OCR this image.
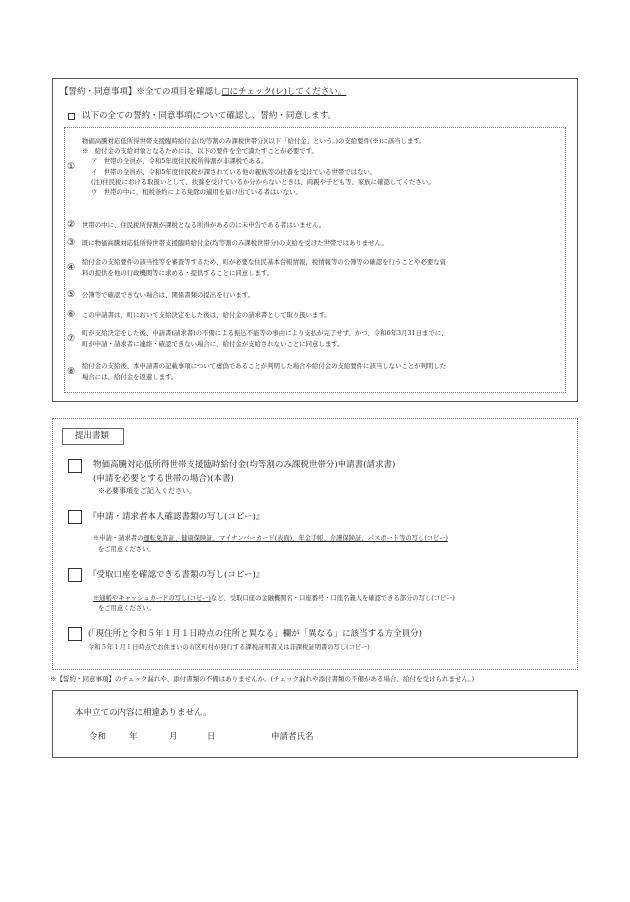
【誓約・同意事項】※全ての項目を確認し□にチェック(レ)してください。
以下の全ての誓約・同意事項について確認し、誓約・同意します。
①
物価高騰対応低所得世帯支援臨時給付金(均等割のみ課税世帯分)(以下「給付金」という。)の支給要件(※)に該当します。
※　給付金の支給対象となるためには、以下の要件を全て満たすことが必要です。
ア　世帯の全員が、令和5年度住民税所得割が非課税である。
イ　世帯の全員が、令和5年度住民税が課されている他の親族等の扶養を受けている世帯ではない。
(注)住民税における取扱いとして、扶養を受けているか分からないときは、両親や子ども等、家族に確認してください。
ウ　世帯の中に、租税条約による免除の適用を届け出ている者はいない。
② 世帯の中に、住民税所得割が課税となる所得があるのに未申告である者はいません。
③ 既に物価高騰対応低所得世帯支援臨時給付金(均等割のみ課税世帯分)の支給を受けた世帯ではありません。
④
給付金の支給要件の該当性等を審査等するため、町が必要な住民基本台帳情報、税情報等の公簿等の確認を行うことや必要な資
料の提供を他の行政機関等に求める・提供することに同意します。
⑤ 公簿等で確認できない場合は、関係書類の提出を行います。
⑥ この申請書は、町において支給決定をした後は、給付金の請求書として取り扱います。
⑦
町が支給決定をした後、申請書(請求書)の不備による振込不能等の事由により支払が完了せず、かつ、令和6年3月31日までに、
町が申請・請求者に連絡・確認できない場合に、給付金が支給されないことに同意します。
⑧
給付金の支給後、本申請書の記載事項について虚偽であることが判明した場合や給付金の支給要件に該当しないことが判明した
場合には、給付金を返還します。
提出書類
物価高騰対応低所得世帯支援臨時給付金(均等割のみ課税世帯分)申請書(請求書)
(申請を必要とする世帯の場合)(本書)
※必要事項をご記入ください。
『申請・請求者本人確認書類の写し(コピー)』
※申請・請求者の運転免許証、健康保険証、マイナンバーカード(表面)、年金手帳、介護保険証、パスポート等の写し(コピー)
をご用意ください。
『受取口座を確認できる書類の写し(コピー)』
※通帳やキャッシュカードの写し(コピー)など、受取口座の金融機関名・口座番号・口座名義人を確認できる部分の写し(コピー)
をご用意ください。
(「現住所と令和５年１月１日時点の住所と異なる」欄が「異なる」に該当する方全員分)
令和５年１月１日時点でお住まいの市区町村が発行する課税証明書又は非課税証明書の写し(コピー)
※【誓約・同意事項】のチェック漏れや、添付書類の不備はありませんか。(チェック漏れや添付書類の不備がある場合、給付を受けられません。)
本申立ての内容に相違ありません。
令和	年	月	日	申請者氏名
